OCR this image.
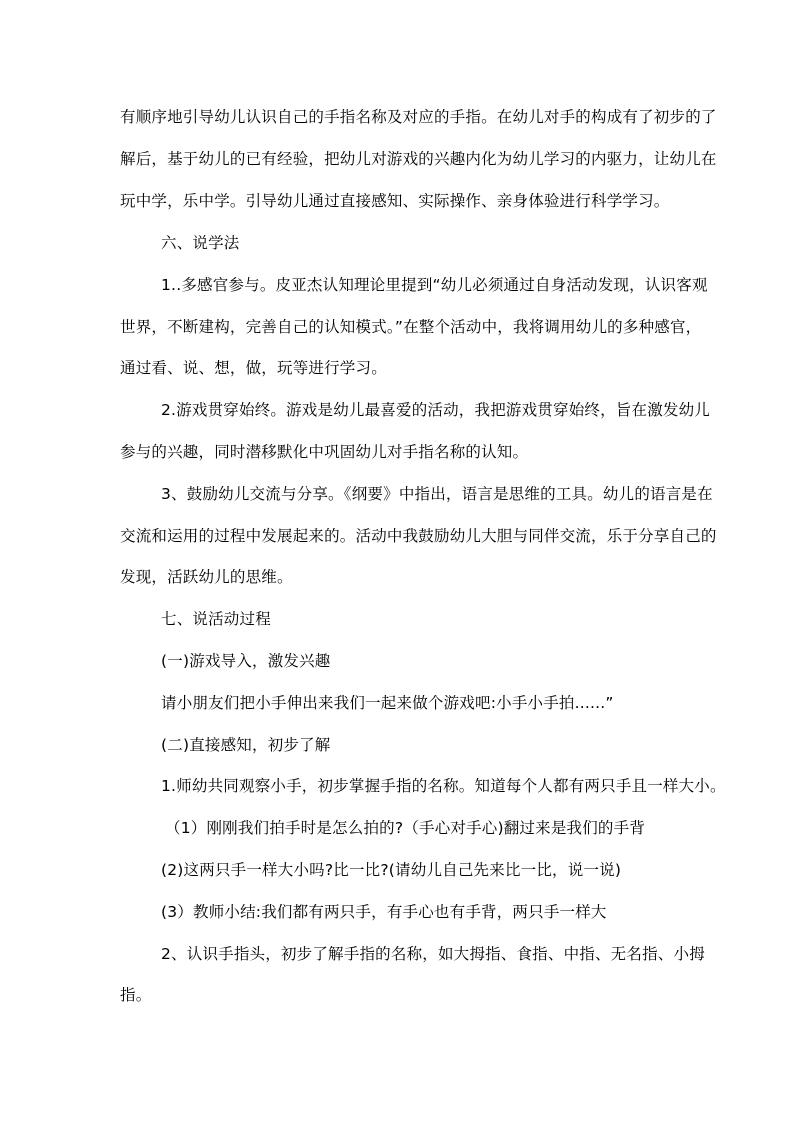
有顺序地引导幼儿认识自己的手指名称及对应的手指。在幼儿对手的构成有了初步的了
解后，基于幼儿的已有经验，把幼儿对游戏的兴趣内化为幼儿学习的内驱力，让幼儿在
玩中学，乐中学。引导幼儿通过直接感知、实际操作、亲身体验进行科学学习。
六、说学法
1..多感官参与。皮亚杰认知理论里提到“幼儿必须通过自身活动发现，认识客观
世界，不断建构，完善自己的认知模式。”在整个活动中，我将调用幼儿的多种感官，
通过看、说、想，做，玩等进行学习。
2.游戏贯穿始终。游戏是幼儿最喜爱的活动，我把游戏贯穿始终，旨在激发幼儿
参与的兴趣，同时潜移默化中巩固幼儿对手指名称的认知。
3、鼓励幼儿交流与分享。《纲要》中指出，语言是思维的工具。幼儿的语言是在
交流和运用的过程中发展起来的。活动中我鼓励幼儿大胆与同伴交流，乐于分享自己的
发现，活跃幼儿的思维。
七、说活动过程
(一)游戏导入，激发兴趣
请小朋友们把小手伸出来我们一起来做个游戏吧:小手小手拍......”
(二)直接感知，初步了解
1.师幼共同观察小手，初步掌握手指的名称。知道每个人都有两只手且一样大小。
（1）刚刚我们拍手时是怎么拍的?（手心对手心)翻过来是我们的手背
(2)这两只手一样大小吗?比一比?(请幼儿自己先来比一比，说一说)
(3）教师小结:我们都有两只手，有手心也有手背，两只手一样大
2、认识手指头，初步了解手指的名称，如大拇指、食指、中指、无名指、小拇
指。
